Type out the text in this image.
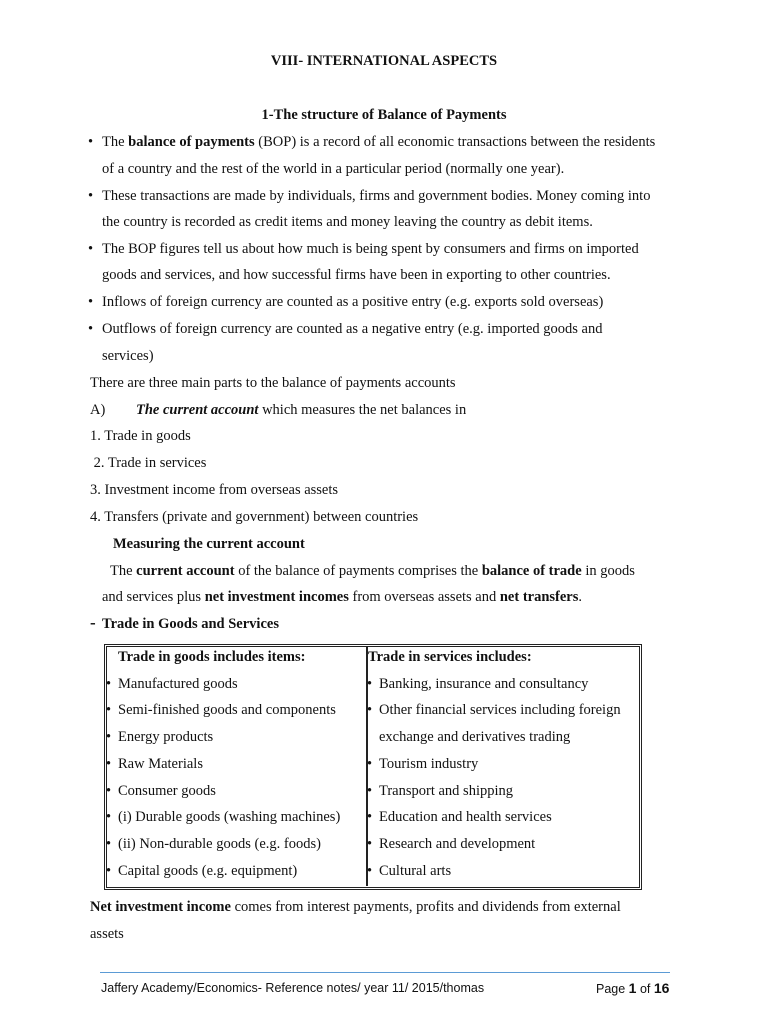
VIII- INTERNATIONAL ASPECTS
1-The structure of Balance of Payments
• The balance of payments (BOP) is a record of all economic transactions between the residents
of a country and the rest of the world in a particular period (normally one year).
• These transactions are made by individuals, firms and government bodies. Money coming into
the country is recorded as credit items and money leaving the country as debit items.
• The BOP figures tell us about how much is being spent by consumers and firms on imported
goods and services, and how successful firms have been in exporting to other countries.
• Inflows of foreign currency are counted as a positive entry (e.g. exports sold overseas)
• Outflows of foreign currency are counted as a negative entry (e.g. imported goods and
services)
There are three main parts to the balance of payments accounts
A) The current account which measures the net balances in
1. Trade in goods
2. Trade in services
3. Investment income from overseas assets
4. Transfers (private and government) between countries
Measuring the current account
The current account of the balance of payments comprises the balance of trade in goods
and services plus net investment incomes from overseas assets and net transfers.
- Trade in Goods and Services
Trade in goods includes items:	Trade in services includes:
• Manufactured goods
• Semi-finished goods and components
• Energy products
• Raw Materials
• Consumer goods
• (i) Durable goods (washing machines)
• (ii) Non-durable goods (e.g. foods)
• Capital goods (e.g. equipment)
• Banking, insurance and consultancy
• Other financial services including foreign
exchange and derivatives trading
• Tourism industry
• Transport and shipping
• Education and health services
• Research and development
• Cultural arts
Net investment income comes from interest payments, profits and dividends from external
assets
Jaffery Academy/Economics- Reference notes/ year 11/ 2015/thomas	Page 1 of 16
